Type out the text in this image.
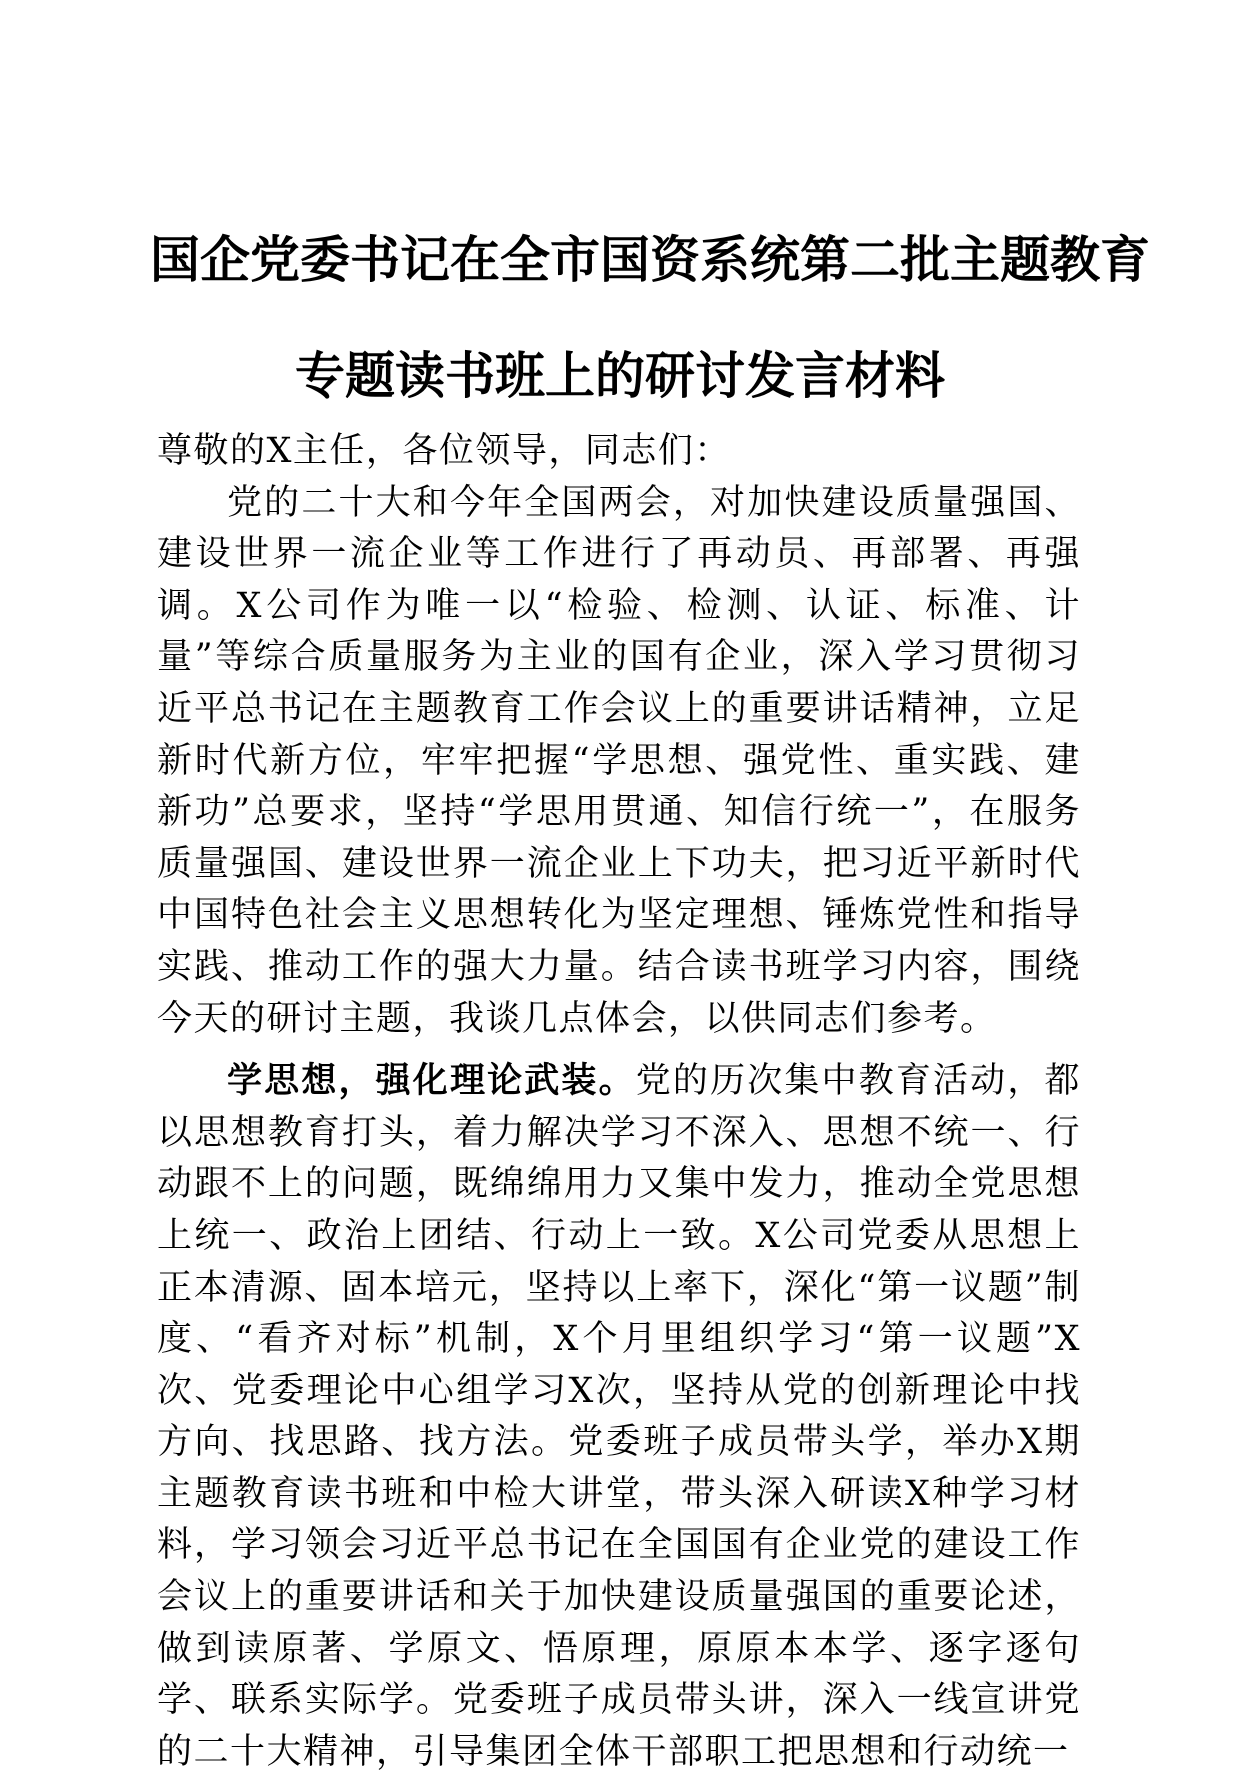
国企党委书记在全市国资系统第二批主题教育
专题读书班上的研讨发言材料

尊敬的X主任，各位领导，同志们：

党的二十大和今年全国两会，对加快建设质量强国、建设世界一流企业等工作进行了再动员、再部署、再强调。X公司作为唯一以“检验、检测、认证、标准、计量”等综合质量服务为主业的国有企业，深入学习贯彻习近平总书记在主题教育工作会议上的重要讲话精神，立足新时代新方位，牢牢把握“学思想、强党性、重实践、建新功”总要求，坚持“学思用贯通、知信行统一”，在服务质量强国、建设世界一流企业上下功夫，把习近平新时代中国特色社会主义思想转化为坚定理想、锤炼党性和指导实践、推动工作的强大力量。结合读书班学习内容，围绕今天的研讨主题，我谈几点体会，以供同志们参考。

学思想，强化理论武装。党的历次集中教育活动，都以思想教育打头，着力解决学习不深入、思想不统一、行动跟不上的问题，既绵绵用力又集中发力，推动全党思想上统一、政治上团结、行动上一致。X公司党委从思想上正本清源、固本培元，坚持以上率下，深化“第一议题”制度、“看齐对标”机制，X个月里组织学习“第一议题”X次、党委理论中心组学习X次，坚持从党的创新理论中找方向、找思路、找方法。党委班子成员带头学，举办X期主题教育读书班和中检大讲堂，带头深入研读X种学习材料，学习领会习近平总书记在全国国有企业党的建设工作会议上的重要讲话和关于加快建设质量强国的重要论述，做到读原著、学原文、悟原理，原原本本学、逐字逐句学、联系实际学。党委班子成员带头讲，深入一线宣讲党的二十大精神，引导集团全体干部职工把思想和行动统一
